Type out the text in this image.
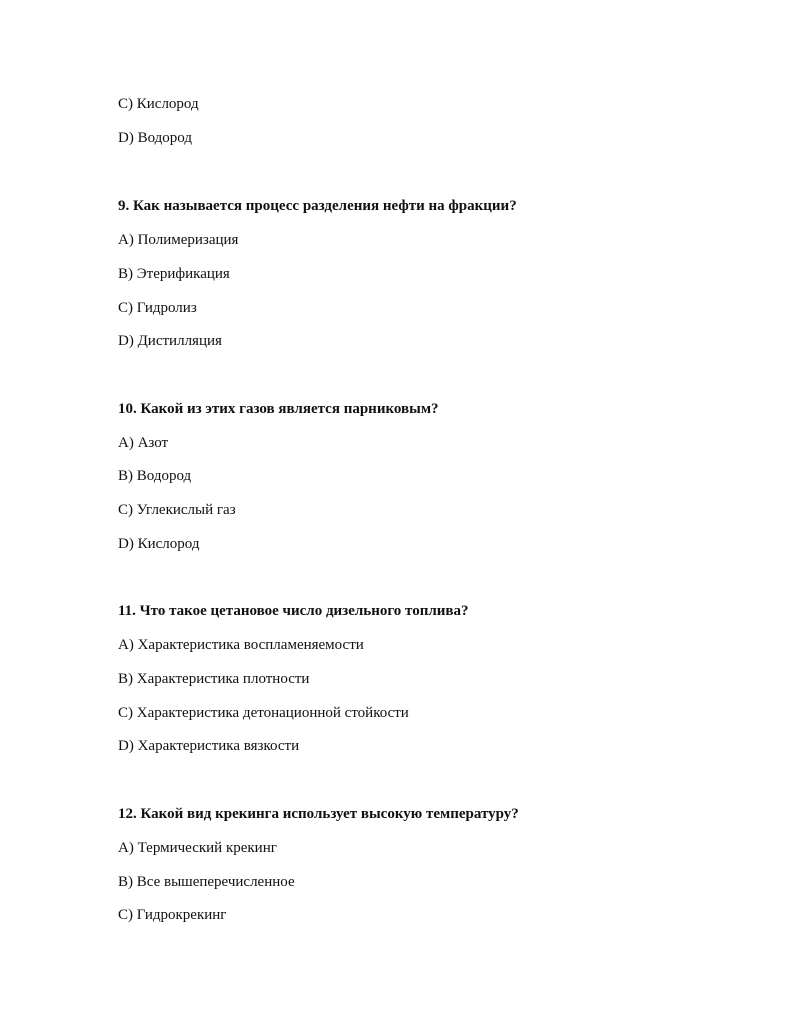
C) Кислород
D) Водород
9. Как называется процесс разделения нефти на фракции?
A) Полимеризация
B) Этерификация
C) Гидролиз
D) Дистилляция
10. Какой из этих газов является парниковым?
A) Азот
B) Водород
C) Углекислый газ
D) Кислород
11. Что такое цетановое число дизельного топлива?
A) Характеристика воспламеняемости
B) Характеристика плотности
C) Характеристика детонационной стойкости
D) Характеристика вязкости
12. Какой вид крекинга использует высокую температуру?
A) Термический крекинг
B) Все вышеперечисленное
C) Гидрокрекинг
